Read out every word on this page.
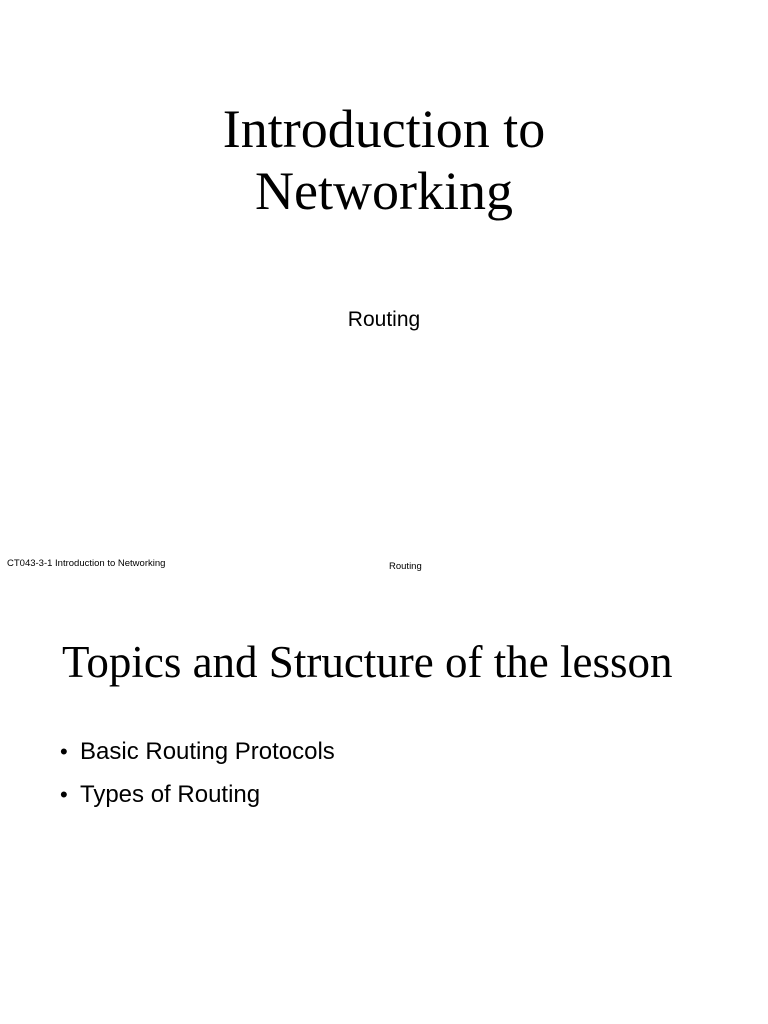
Introduction to
Networking
Routing
CT043-3-1 Introduction to Networking	Routing
Topics and Structure of the lesson
• Basic Routing Protocols
• Types of Routing
